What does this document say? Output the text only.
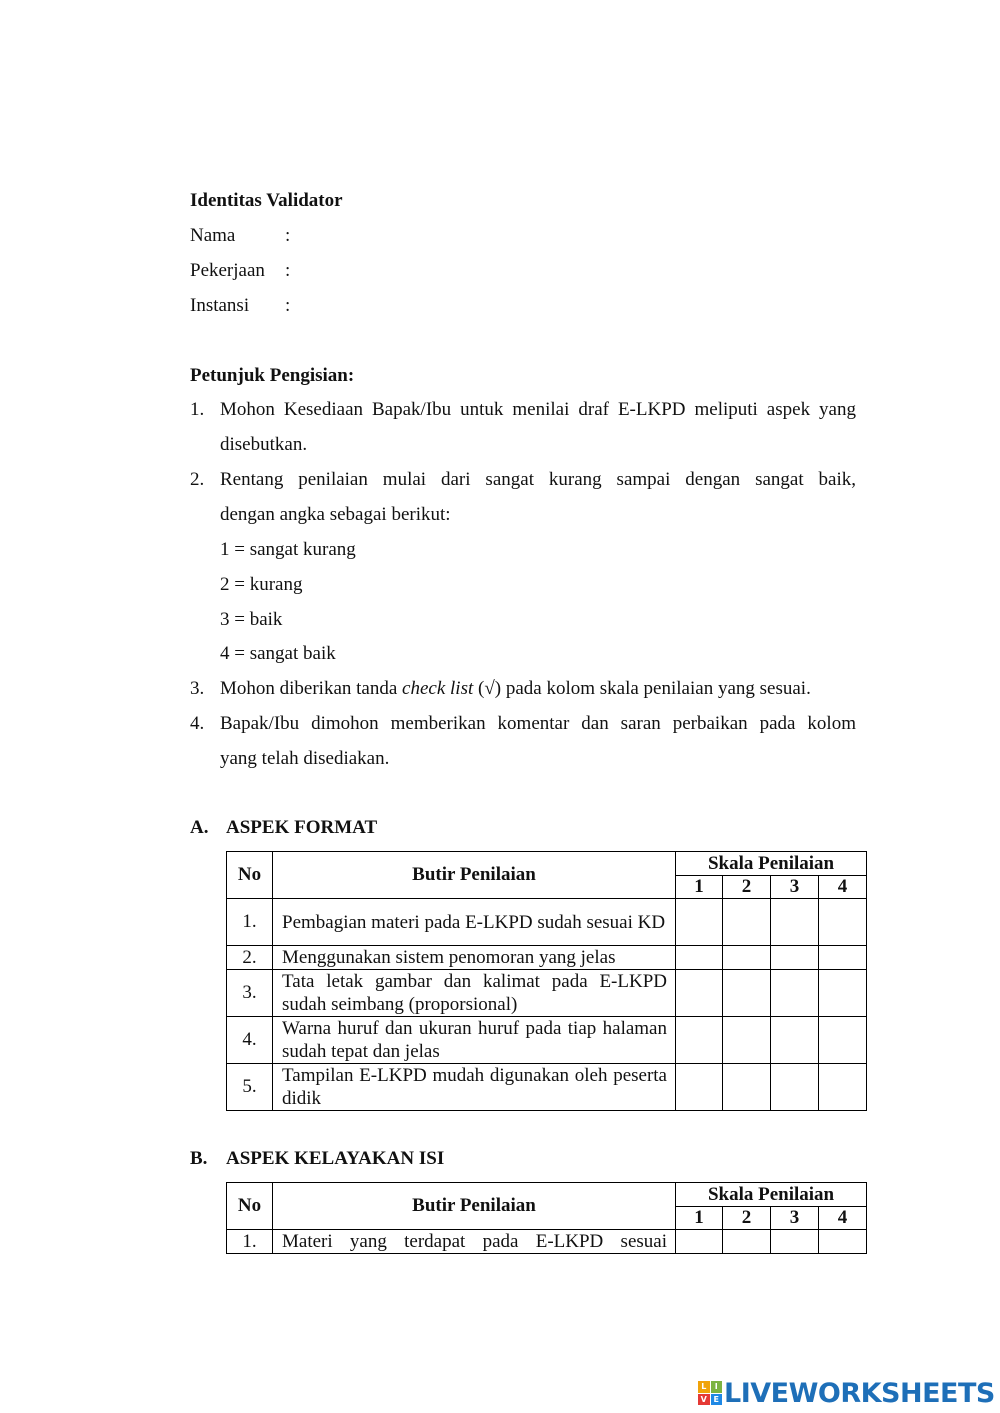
Identitas Validator
Nama	:
Pekerjaan :
Instansi :
Petunjuk Pengisian:
1. Mohon Kesediaan Bapak/Ibu untuk menilai draf E-LKPD meliputi aspek yang
disebutkan.
2. Rentang penilaian mulai dari sangat kurang sampai dengan sangat baik,
dengan angka sebagai berikut:
1 = sangat kurang
2 = kurang
3 = baik
4 = sangat baik
3. Mohon diberikan tanda check list (√) pada kolom skala penilaian yang sesuai.
4. Bapak/Ibu dimohon memberikan komentar dan saran perbaikan pada kolom
yang telah disediakan.
A. ASPEK FORMAT
No	Butir Penilaian	Skala Penilaian			
		1	2	3	4
1.	Pembagian materi pada E-LKPD sudah sesuai KD				

2.	Menggunakan sistem penomoran yang jelas				

3.	Tata letak gambar dan kalimat pada E-LKPD sudah seimbang (proporsional)				

4.	Warna huruf dan ukuran huruf pada tiap halaman sudah tepat dan jelas				

5.	Tampilan E-LKPD mudah digunakan oleh peserta didik				

B. ASPEK KELAYAKAN ISI
No	Butir Penilaian	Skala Penilaian			
		1	2	3	4
1.	Materi yang terdapat pada E-LKPD sesuai				

L	I
V E LIVEWORKSHEETS
